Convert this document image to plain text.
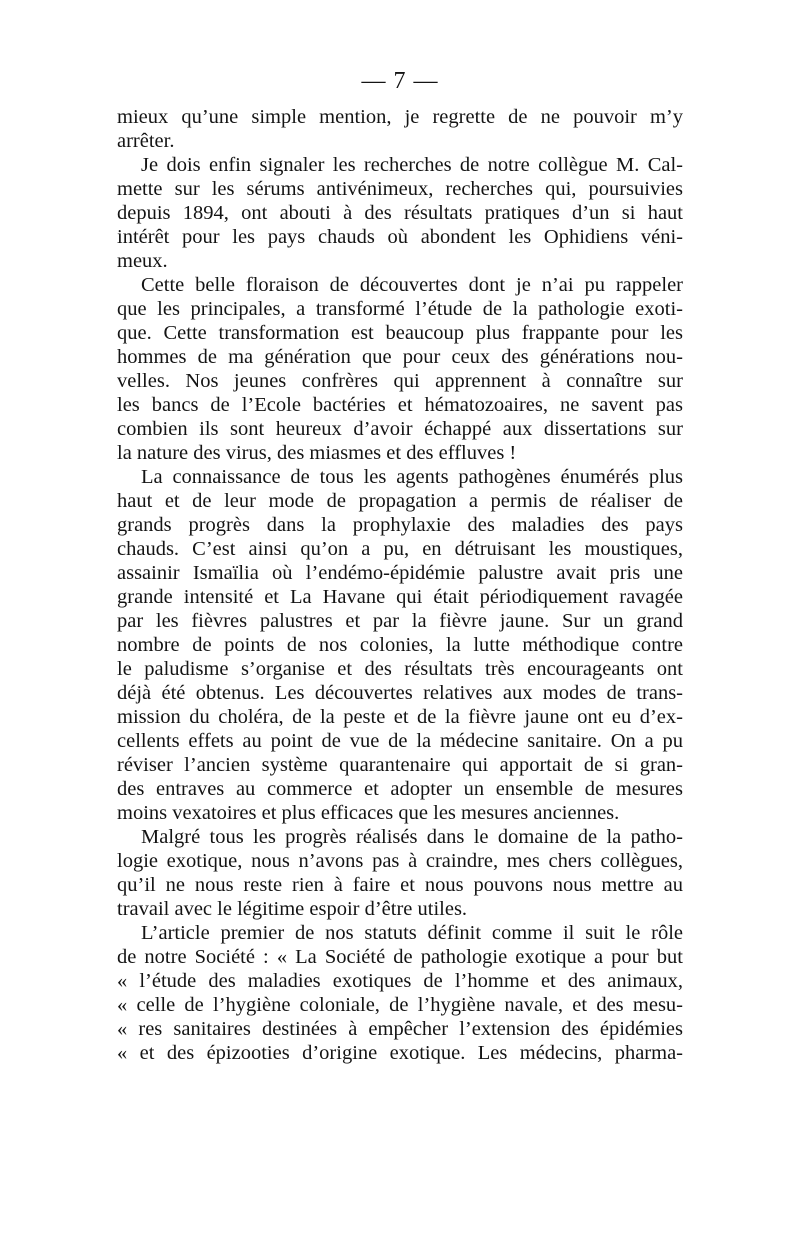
— 7 —
mieux qu’une simple mention, je regrette de ne pouvoir m’y
arrêter.
Je dois enfin signaler les recherches de notre collègue M. Cal-
mette sur les sérums antivénimeux, recherches qui, poursuivies
depuis 1894, ont abouti à des résultats pratiques d’un si haut
intérêt pour les pays chauds où abondent les Ophidiens véni-
meux.
Cette belle floraison de découvertes dont je n’ai pu rappeler
que les principales, a transformé l’étude de la pathologie exoti-
que. Cette transformation est beaucoup plus frappante pour les
hommes de ma génération que pour ceux des générations nou-
velles. Nos jeunes confrères qui apprennent à connaître sur
les bancs de l’Ecole bactéries et hématozoaires, ne savent pas
combien ils sont heureux d’avoir échappé aux dissertations sur
la nature des virus, des miasmes et des effluves !
La connaissance de tous les agents pathogènes énumérés plus
haut et de leur mode de propagation a permis de réaliser de
grands progrès dans la prophylaxie des maladies des pays
chauds. C’est ainsi qu’on a pu, en détruisant les moustiques,
assainir Ismaïlia où l’endémo-épidémie palustre avait pris une
grande intensité et La Havane qui était périodiquement ravagée
par les fièvres palustres et par la fièvre jaune. Sur un grand
nombre de points de nos colonies, la lutte méthodique contre
le paludisme s’organise et des résultats très encourageants ont
déjà été obtenus. Les découvertes relatives aux modes de trans-
mission du choléra, de la peste et de la fièvre jaune ont eu d’ex-
cellents effets au point de vue de la médecine sanitaire. On a pu
réviser l’ancien système quarantenaire qui apportait de si gran-
des entraves au commerce et adopter un ensemble de mesures
moins vexatoires et plus efficaces que les mesures anciennes.
Malgré tous les progrès réalisés dans le domaine de la patho-
logie exotique, nous n’avons pas à craindre, mes chers collègues,
qu’il ne nous reste rien à faire et nous pouvons nous mettre au
travail avec le légitime espoir d’être utiles.
L’article premier de nos statuts définit comme il suit le rôle
de notre Société : « La Société de pathologie exotique a pour but
« l’étude des maladies exotiques de l’homme et des animaux,
« celle de l’hygiène coloniale, de l’hygiène navale, et des mesu-
« res sanitaires destinées à empêcher l’extension des épidémies
« et des épizooties d’origine exotique. Les médecins, pharma-
